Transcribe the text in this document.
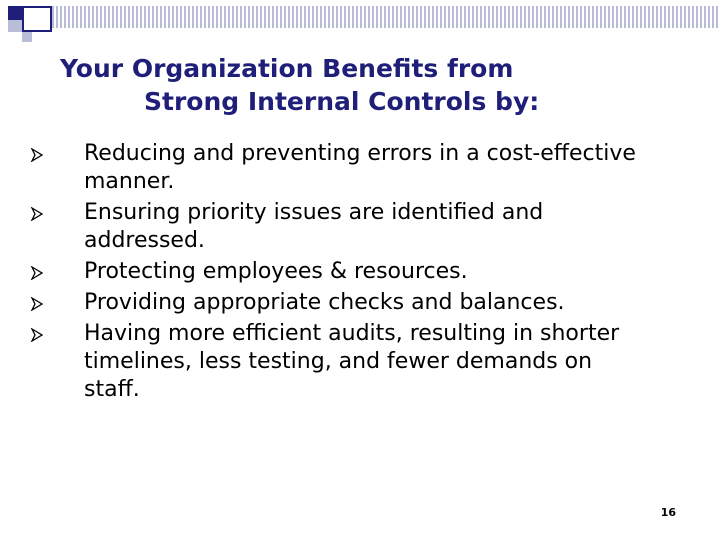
Your Organization Benefits from
Strong Internal Controls by:
Reducing and preventing errors in a cost-effective manner.
Ensuring priority issues are identified and addressed.
Protecting employees & resources.
Providing appropriate checks and balances.
Having more efficient audits, resulting in shorter timelines, less testing, and fewer demands on staff.
16
